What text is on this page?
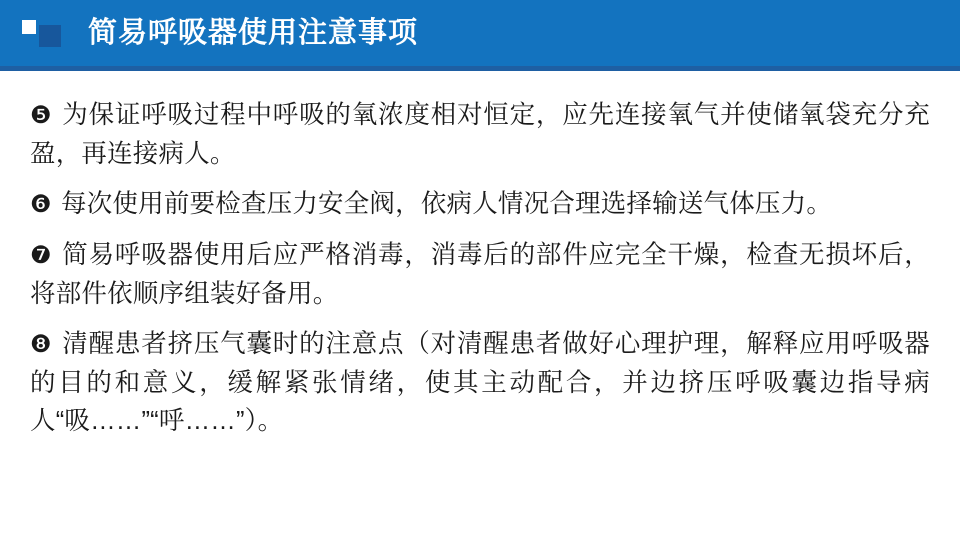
简易呼吸器使用注意事项
❺ 为保证呼吸过程中呼吸的氧浓度相对恒定，应先连接氧气并使储氧袋充分充盈，再连接病人。
❻ 每次使用前要检查压力安全阀，依病人情况合理选择输送气体压力。
❼ 简易呼吸器使用后应严格消毒，消毒后的部件应完全干燥，检查无损坏后，将部件依顺序组装好备用。
❽ 清醒患者挤压气囊时的注意点（对清醒患者做好心理护理，解释应用呼吸器的目的和意义，缓解紧张情绪，使其主动配合，并边挤压呼吸囊边指导病人“吸……”“呼……”）。
